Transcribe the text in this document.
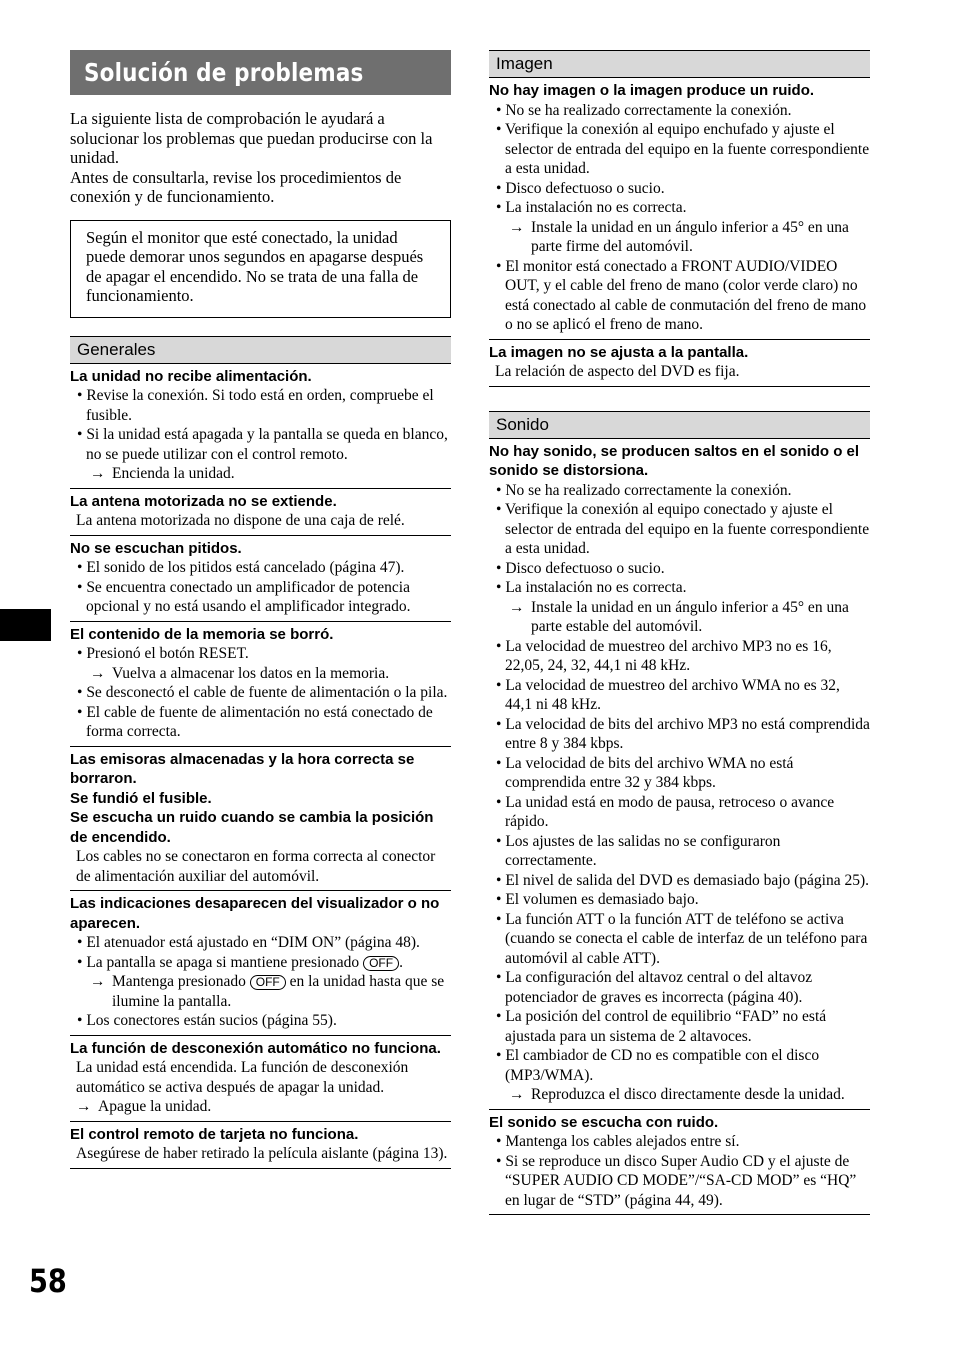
58
Solución de problemas

La siguiente lista de comprobación le ayudará a solucionar los problemas que puedan producirse con la unidad.

Antes de consultarla, revise los procedimientos de conexión y de funcionamiento.

Según el monitor que esté conectado, la unidad puede demorar unos segundos en apagarse después de apagar el encendido. No se trata de una falla de funcionamiento.
Generales
La unidad no recibe alimentación.
• Revise la conexión. Si todo está en orden, compruebe el fusible.
• Si la unidad está apagada y la pantalla se queda en blanco, no se puede utilizar con el control remoto.
→ Encienda la unidad.
La antena motorizada no se extiende.
La antena motorizada no dispone de una caja de relé.
No se escuchan pitidos.
• El sonido de los pitidos está cancelado (página 47).
• Se encuentra conectado un amplificador de potencia opcional y no está usando el amplificador integrado.
El contenido de la memoria se borró.
• Presionó el botón RESET.
→ Vuelva a almacenar los datos en la memoria.
• Se desconectó el cable de fuente de alimentación o la pila.
• El cable de fuente de alimentación no está conectado de forma correcta.
Las emisoras almacenadas y la hora correcta se borraron.
Se fundió el fusible.
Se escucha un ruido cuando se cambia la posición de encendido.
Los cables no se conectaron en forma correcta al conector de alimentación auxiliar del automóvil.
Las indicaciones desaparecen del visualizador o no aparecen.
• El atenuador está ajustado en “DIM ON” (página 48).
• La pantalla se apaga si mantiene presionado OFF .
→ Mantenga presionado OFF en la unidad hasta que se ilumine la pantalla.
• Los conectores están sucios (página 55).
La función de desconexión automático no funciona.
La unidad está encendida. La función de desconexión automático se activa después de apagar la unidad.
→ Apague la unidad.
El control remoto de tarjeta no funciona.
Asegúrese de haber retirado la película aislante (página 13).
Imagen
No hay imagen o la imagen produce un ruido.
• No se ha realizado correctamente la conexión.
• Verifique la conexión al equipo enchufado y ajuste el selector de entrada del equipo en la fuente correspondiente a esta unidad.
• Disco defectuoso o sucio.
• La instalación no es correcta.
→ Instale la unidad en un ángulo inferior a 45° en una parte firme del automóvil.
• El monitor está conectado a FRONT AUDIO/VIDEO OUT, y el cable del freno de mano (color verde claro) no está conectado al cable de conmutación del freno de mano o no se aplicó el freno de mano.
La imagen no se ajusta a la pantalla.
La relación de aspecto del DVD es fija.
Sonido
No hay sonido, se producen saltos en el sonido o el sonido se distorsiona.
• No se ha realizado correctamente la conexión.
• Verifique la conexión al equipo conectado y ajuste el selector de entrada del equipo en la fuente correspondiente a esta unidad.
• Disco defectuoso o sucio.
• La instalación no es correcta.
→ Instale la unidad en un ángulo inferior a 45° en una parte estable del automóvil.
• La velocidad de muestreo del archivo MP3 no es 16, 22,05, 24, 32, 44,1 ni 48 kHz.
• La velocidad de muestreo del archivo WMA no es 32, 44,1 ni 48 kHz.
• La velocidad de bits del archivo MP3 no está comprendida entre 8 y 384 kbps.
• La velocidad de bits del archivo WMA no está comprendida entre 32 y 384 kbps.
• La unidad está en modo de pausa, retroceso o avance rápido.
• Los ajustes de las salidas no se configuraron correctamente.
• El nivel de salida del DVD es demasiado bajo (página 25).
• El volumen es demasiado bajo.
• La función ATT o la función ATT de teléfono se activa (cuando se conecta el cable de interfaz de un teléfono para automóvil al cable ATT).
• La configuración del altavoz central o del altavoz potenciador de graves es incorrecta (página 40).
• La posición del control de equilibrio “FAD” no está ajustada para un sistema de 2 altavoces.
• El cambiador de CD no es compatible con el disco (MP3/WMA).
→ Reproduzca el disco directamente desde la unidad.
El sonido se escucha con ruido.
• Mantenga los cables alejados entre sí.
• Si se reproduce un disco Super Audio CD y el ajuste de “SUPER AUDIO CD MODE”/“SA-CD MOD” es “HQ” en lugar de “STD” (página 44, 49).
